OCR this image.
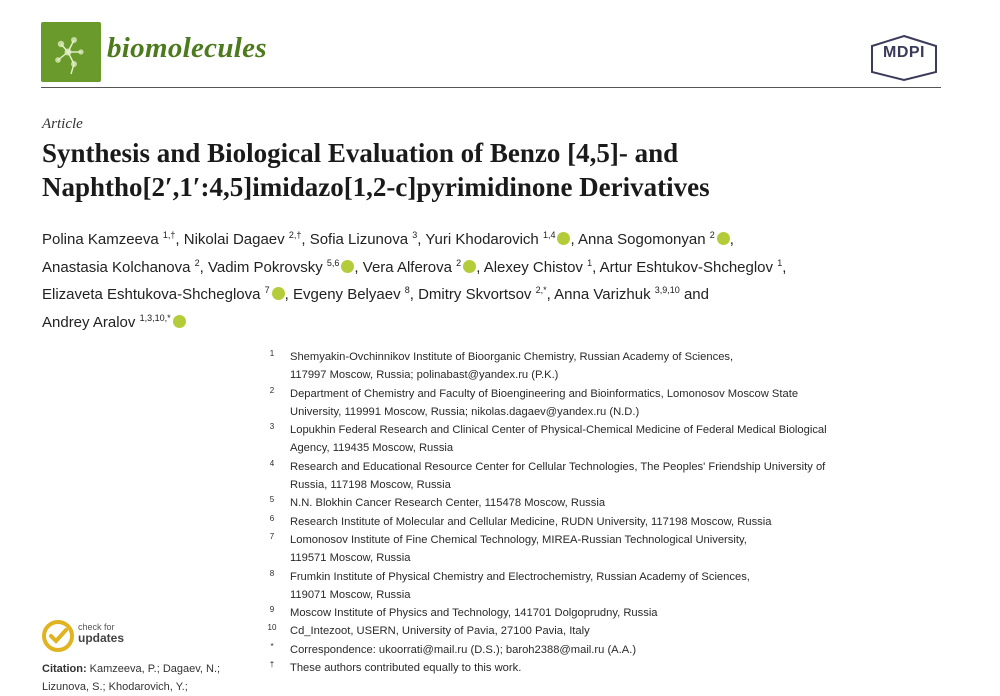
biomolecules	MDPI
Article
Synthesis and Biological Evaluation of Benzo [4,5]- and
Naphtho[2′,1′:4,5]imidazo[1,2-c]pyrimidinone Derivatives
Polina Kamzeeva $^{1,\dagger}$, Nikolai Dagaev $^{2,\dagger}$, Sofia Lizunova $^3$, Yuri Khodarovich $^{1,4}$ , Anna Sogomonyan $^2$ ,
Anastasia Kolchanova $^2$, Vadim Pokrovsky $^{5,6}$ , Vera Alferova $^2$ , Alexey Chistov $^1$, Artur Eshtukov-Shcheglov $^1$,
Elizaveta Eshtukova-Shcheglova $^7$ , Evgeny Belyaev $^8$, Dmitry Skvortsov $^{2,*}$, Anna Varizhuk $^{3,9,10}$ and
Andrey Aralov $^{1,3,10,*}$
1	Shemyakin-Ovchinnikov Institute of Bioorganic Chemistry, Russian Academy of Sciences,
117997 Moscow, Russia; polinabast@yandex.ru (P.K.)
2	Department of Chemistry and Faculty of Bioengineering and Bioinformatics, Lomonosov Moscow State
University, 119991 Moscow, Russia; nikolas.dagaev@yandex.ru (N.D.)
3	Lopukhin Federal Research and Clinical Center of Physical-Chemical Medicine of Federal Medical Biological
Agency, 119435 Moscow, Russia
4	Research and Educational Resource Center for Cellular Technologies, The Peoples' Friendship University of
Russia, 117198 Moscow, Russia
5	N.N. Blokhin Cancer Research Center, 115478 Moscow, Russia
6	Research Institute of Molecular and Cellular Medicine, RUDN University, 117198 Moscow, Russia
7	Lomonosov Institute of Fine Chemical Technology, MIREA-Russian Technological University,
119571 Moscow, Russia
8	Frumkin Institute of Physical Chemistry and Electrochemistry, Russian Academy of Sciences,
119071 Moscow, Russia
9	Moscow Institute of Physics and Technology, 141701 Dolgoprudny, Russia
10	Cd_Intezoot, USERN, University of Pavia, 27100 Pavia, Italy
*	Correspondence: ukoorrati@mail.ru (D.S.); baroh2388@mail.ru (A.A.)
†	These authors contributed equally to this work.
check for
updates
Citation: Kamzeeva, P.; Dagaev, N.;
Lizunova, S.; Khodarovich, Y.;
